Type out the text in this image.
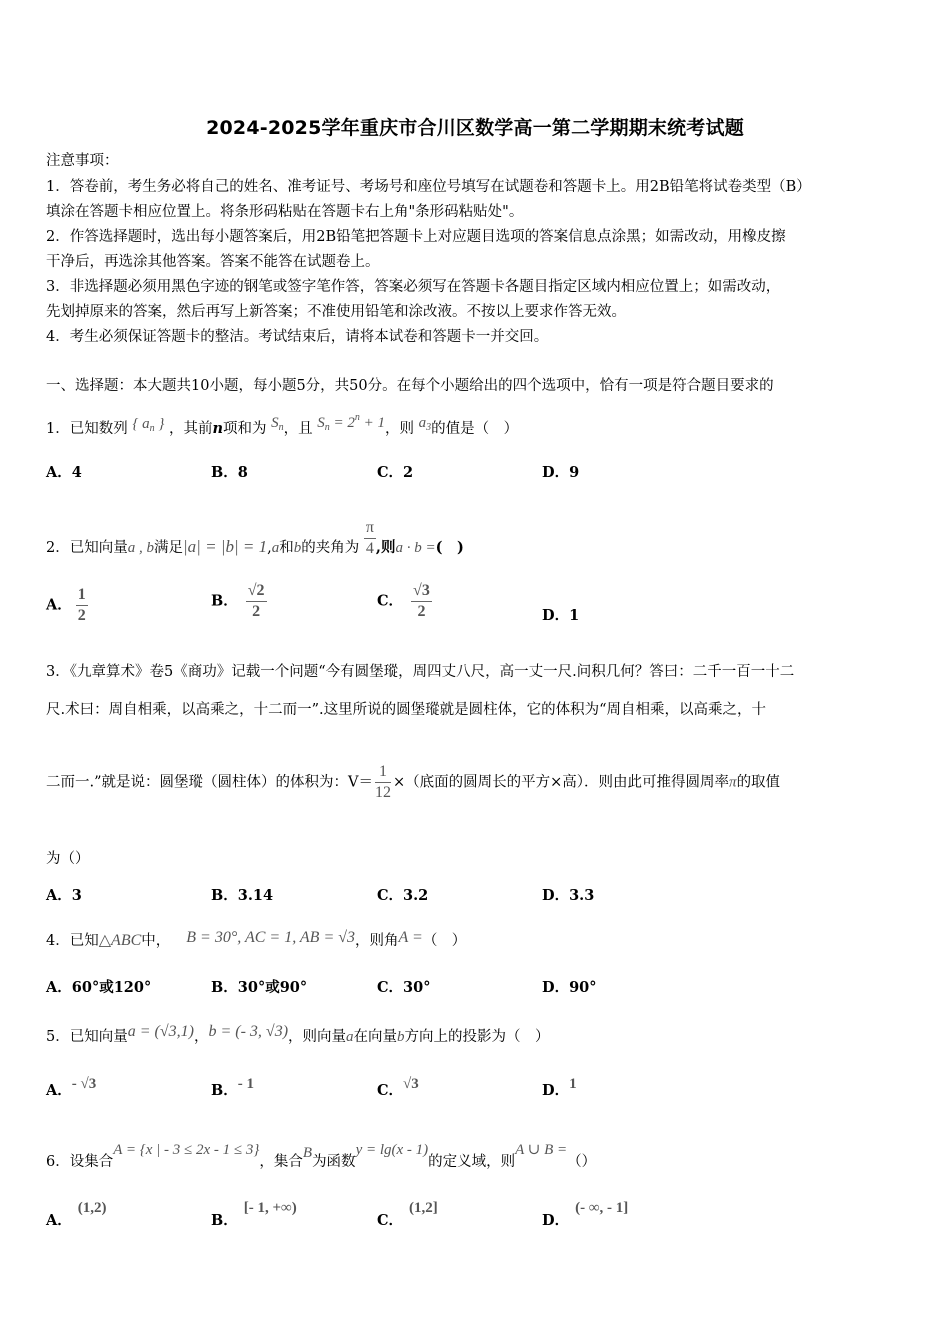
2024-2025学年重庆市合川区数学高一第二学期期末统考试题
注意事项：
1．答卷前，考生务必将自己的姓名、准考证号、考场号和座位号填写在试题卷和答题卡上。用2B铅笔将试卷类型（B）
填涂在答题卡相应位置上。将条形码粘贴在答题卡右上角"条形码粘贴处"。
2．作答选择题时，选出每小题答案后，用2B铅笔把答题卡上对应题目选项的答案信息点涂黑；如需改动，用橡皮擦
干净后，再选涂其他答案。答案不能答在试题卷上。
3．非选择题必须用黑色字迹的钢笔或签字笔作答，答案必须写在答题卡各题目指定区域内相应位置上；如需改动，
先划掉原来的答案，然后再写上新答案；不准使用铅笔和涂改液。不按以上要求作答无效。
4．考生必须保证答题卡的整洁。考试结束后，请将本试卷和答题卡一并交回。
一、选择题：本大题共10小题，每小题5分，共50分。在每个小题给出的四个选项中，恰有一项是符合题目要求的
1．已知数列 { $a_n$ } ，其前n项和为 $S_n$，且 $S_n = 2^n + 1$，则 $a_3$的值是（　）
A．4	B．8	C．2	D．9
2．已知向量a , b满足|a| = |b| = 1,a和b的夹角为 $\frac{\pi}{4}$ ,则a · b =(　)
A． $\frac{1}{2}$	B． $\frac{√2}{2}$	C． $\frac{√3}{2}$	D．1
3．《九章算术》卷5《商功》记载一个问题“今有圆堡瑽，周四丈八尺，高一丈一尺.问积几何？答曰：二千一百一十二
尺.术曰：周自相乘，以高乘之，十二而一”.这里所说的圆堡瑽就是圆柱体，它的体积为“周自相乘，以高乘之，十
二而一.”就是说：圆堡瑽（圆柱体）的体积为：$V= \frac{1}{12}$ ×（底面的圆周长的平方×高）．则由此可推得圆周率π的取值
为（）
A．3	B．3.14	C．3.2	D．3.3
4．已知△ABC中， B = 30°, AC = 1, AB = √3，则角A =（　）
A．60°或120°	B．30°或90°	C．30°	D．90°
5．已知向量a = (√3,1)，b = (- 3, √3)，则向量a在向量b方向上的投影为（　）
A．- √3	B．- 1	C．√3	D．1
6．设集合A = {x | - 3 ≤ 2x - 1 ≤ 3}，集合B为函数y = lg(x - 1)的定义域，则A ∪ B =（）
A．(1,2)
B．[- 1, +∞)
C．(1,2]
D．(- ∞, - 1]
